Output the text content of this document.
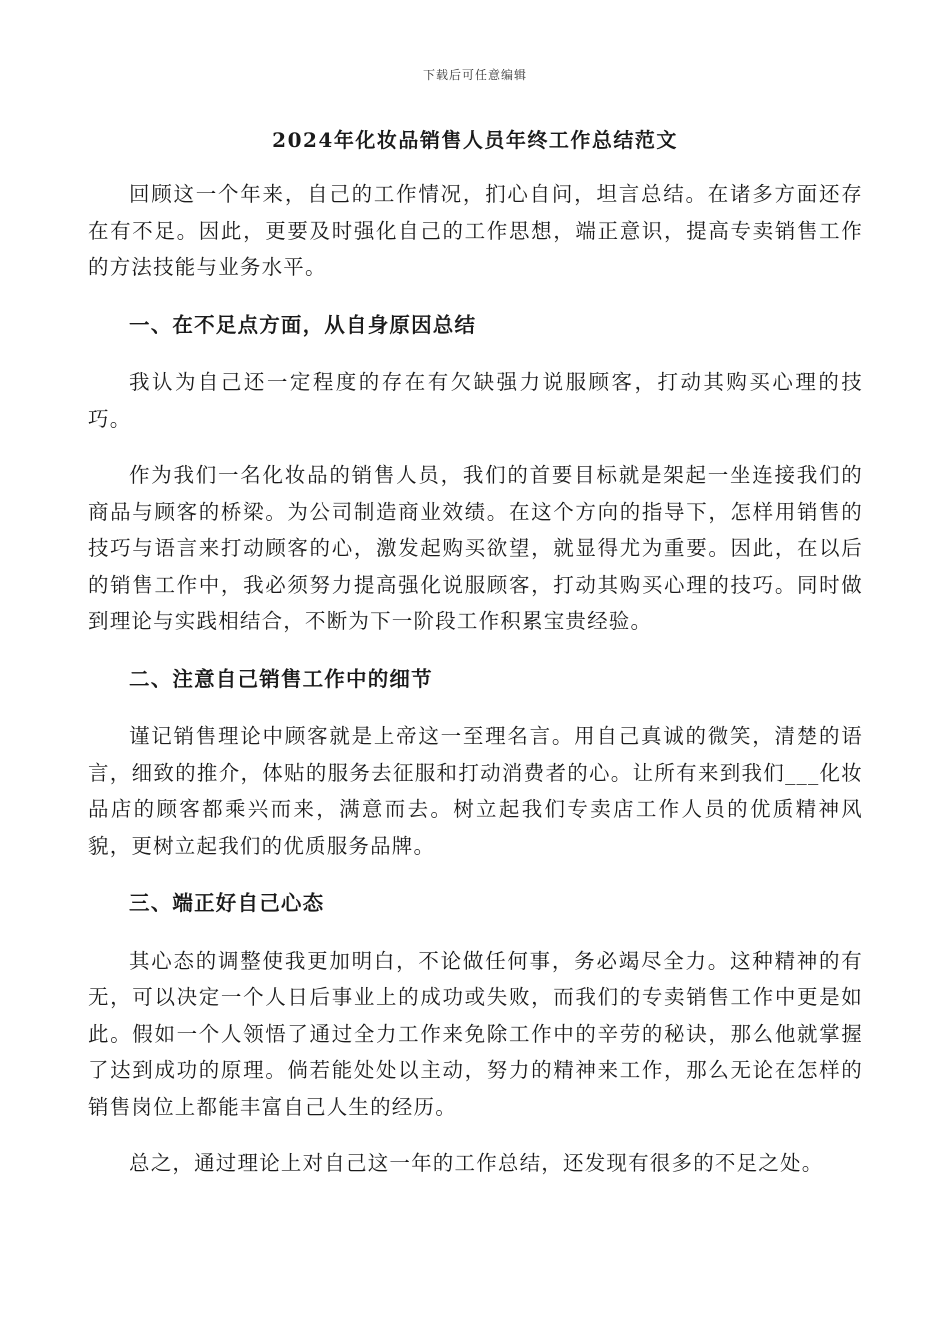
下载后可任意编辑
2024年化妆品销售人员年终工作总结范文

回顾这一个年来，自己的工作情况，扪心自问，坦言总结。在诸多方面还存在有不足。因此，更要及时强化自己的工作思想，端正意识，提高专卖销售工作的方法技能与业务水平。

一、在不足点方面，从自身原因总结

我认为自己还一定程度的存在有欠缺强力说服顾客，打动其购买心理的技巧。

作为我们一名化妆品的销售人员，我们的首要目标就是架起一坐连接我们的商品与顾客的桥梁。为公司制造商业效绩。在这个方向的指导下，怎样用销售的技巧与语言来打动顾客的心，激发起购买欲望，就显得尤为重要。因此，在以后的销售工作中，我必须努力提高强化说服顾客，打动其购买心理的技巧。同时做到理论与实践相结合，不断为下一阶段工作积累宝贵经验。

二、注意自己销售工作中的细节

谨记销售理论中顾客就是上帝这一至理名言。用自己真诚的微笑，清楚的语言，细致的推介，体贴的服务去征服和打动消费者的心。让所有来到我们___化妆品店的顾客都乘兴而来，满意而去。树立起我们专卖店工作人员的优质精神风貌，更树立起我们的优质服务品牌。

三、端正好自己心态

其心态的调整使我更加明白，不论做任何事，务必竭尽全力。这种精神的有无，可以决定一个人日后事业上的成功或失败，而我们的专卖销售工作中更是如此。假如一个人领悟了通过全力工作来免除工作中的辛劳的秘诀，那么他就掌握了达到成功的原理。倘若能处处以主动，努力的精神来工作，那么无论在怎样的销售岗位上都能丰富自己人生的经历。

总之，通过理论上对自己这一年的工作总结，还发现有很多的不足之处。
